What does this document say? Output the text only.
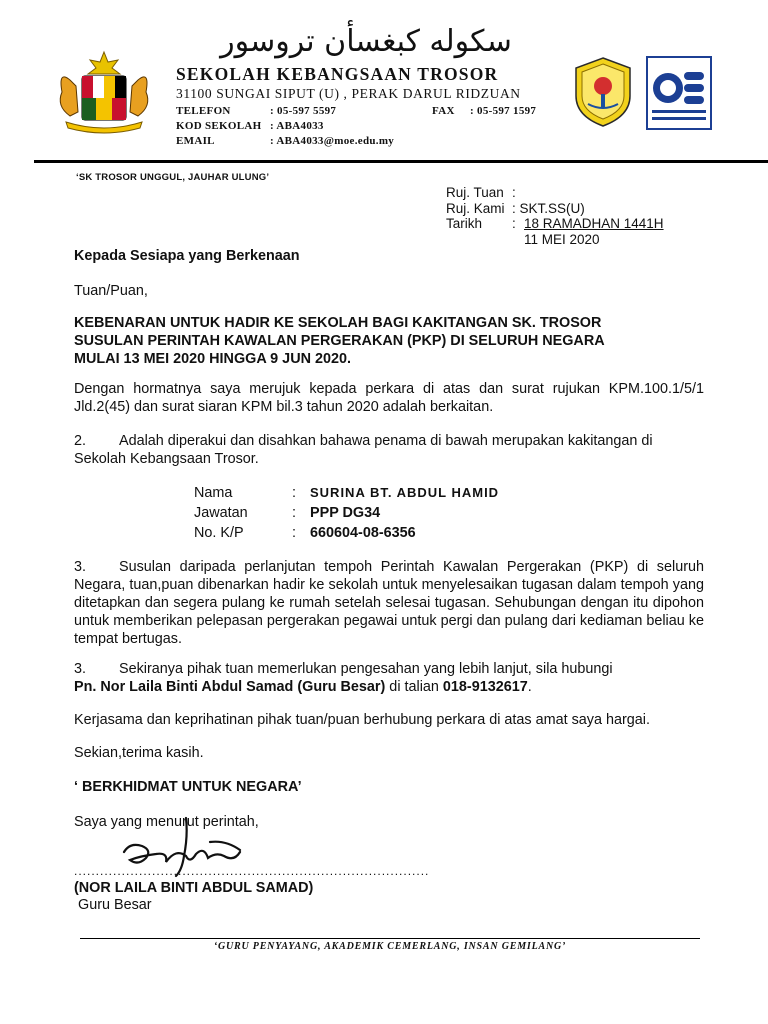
سكوله كبغسأن تروسور
SEKOLAH KEBANGSAAN TROSOR
31100 SUNGAI SIPUT (U) , PERAK DARUL RIDZUAN
TELEFON	: 05-597 5597	FAX : 05-597 1597
KOD SEKOLAH : ABA4033
EMAIL	: ABA4033@moe.edu.my
‘SK TROSOR UNGGUL, JAUHAR ULUNG’
Ruj. Tuan :
Ruj. Kami : SKT.SS(U)
Tarikh : 18 RAMADHAN 1441H
11 MEI 2020
Kepada Sesiapa yang Berkenaan
Tuan/Puan,
KEBENARAN UNTUK HADIR KE SEKOLAH BAGI KAKITANGAN SK. TROSOR
SUSULAN PERINTAH KAWALAN PERGERAKAN (PKP) DI SELURUH NEGARA
MULAI 13 MEI 2020 HINGGA 9 JUN 2020.
Dengan hormatnya saya merujuk kepada perkara di atas dan surat rujukan KPM.100.1/5/1 Jld.2(45) dan surat siaran KPM bil.3 tahun 2020 adalah berkaitan.
2. Adalah diperakui dan disahkan bahawa penama di bawah merupakan kakitangan di Sekolah Kebangsaan Trosor.
Nama	: SURINA BT. ABDUL HAMID
Jawatan	: PPP DG34
No. K/P	: 660604-08-6356
3. Susulan daripada perlanjutan tempoh Perintah Kawalan Pergerakan (PKP) di seluruh Negara, tuan,puan dibenarkan hadir ke sekolah untuk menyelesaikan tugasan dalam tempoh yang ditetapkan dan segera pulang ke rumah setelah selesai tugasan. Sehubungan dengan itu dipohon untuk memberikan pelepasan pergerakan pegawai untuk pergi dan pulang dari kediaman beliau ke tempat bertugas.
3. Sekiranya pihak tuan memerlukan pengesahan yang lebih lanjut, sila hubungi
Pn. Nor Laila Binti Abdul Samad (Guru Besar) di talian 018-9132617.
Kerjasama dan keprihatinan pihak tuan/puan berhubung perkara di atas amat saya hargai.
Sekian,terima kasih.
‘ BERKHIDMAT UNTUK NEGARA’
Saya yang menurut perintah,
..................................................................................
(NOR LAILA BINTI ABDUL SAMAD)
Guru Besar
‘GURU PENYAYANG, AKADEMIK CEMERLANG, INSAN GEMILANG’
